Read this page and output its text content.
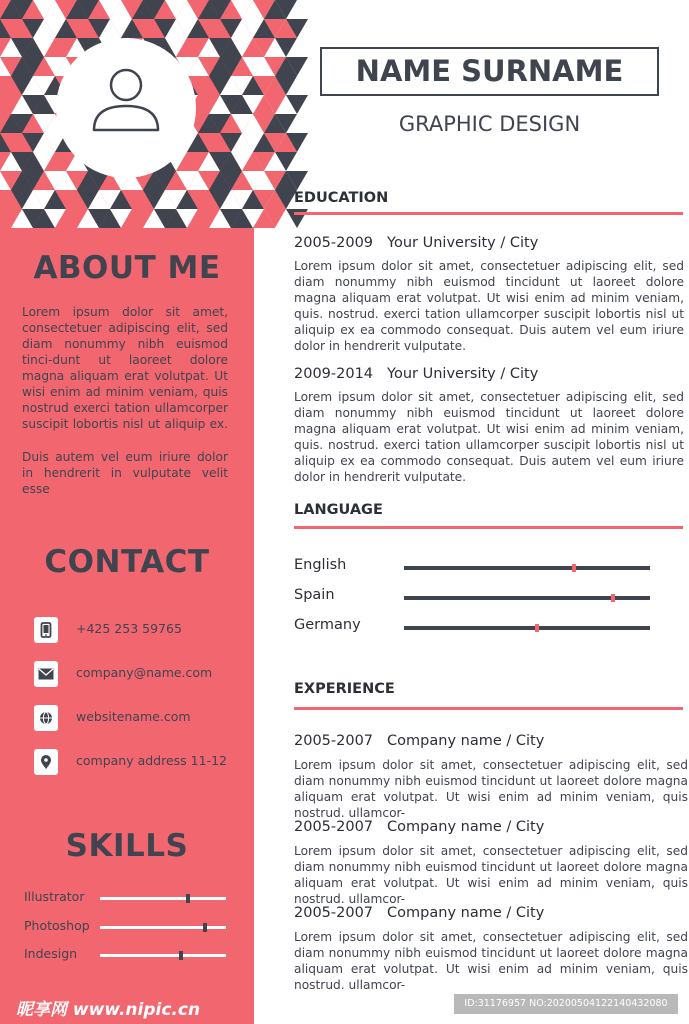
ABOUT ME

Lorem ipsum dolor sit amet, consectetuer adipiscing elit, sed diam nonummy nibh euismod tinci-dunt ut laoreet dolore magna aliquam erat volutpat. Ut wisi enim ad minim veniam, quis nostrud exerci tation ullamcorper suscipit lobortis nisl ut aliquip ex.

Duis autem vel eum iriure dolor in hendrerit in vulputate velit esse

CONTACT
+425 253 59765
company@name.com
websitename.com
company address 11-12
SKILLS
Illustrator
Photoshop
Indesign
昵享网 www.nipic.cn
NAME SURNAME
GRAPHIC DESIGN
EDUCATION
2005-2009 Your University / City

Lorem ipsum dolor sit amet, consectetuer adipiscing elit, sed diam nonummy nibh euismod tincidunt ut laoreet dolore magna aliquam erat volutpat. Ut wisi enim ad minim veniam, quis. nostrud. exerci tation ullamcorper suscipit lobortis nisl ut aliquip ex ea commodo consequat. Duis autem vel eum iriure dolor in hendrerit vulputate.

2009-2014 Your University / City

Lorem ipsum dolor sit amet, consectetuer adipiscing elit, sed diam nonummy nibh euismod tincidunt ut laoreet dolore magna aliquam erat volutpat. Ut wisi enim ad minim veniam, quis. nostrud. exerci tation ullamcorper suscipit lobortis nisl ut aliquip ex ea commodo consequat. Duis autem vel eum iriure dolor in hendrerit vulputate.

LANGUAGE
English
Spain
Germany
EXPERIENCE
2005-2007 Company name / City

Lorem ipsum dolor sit amet, consectetuer adipiscing elit, sed diam nonummy nibh euismod tincidunt ut laoreet dolore magna aliquam erat volutpat. Ut wisi enim ad minim veniam, quis nostrud. ullamcor-

2005-2007 Company name / City

Lorem ipsum dolor sit amet, consectetuer adipiscing elit, sed diam nonummy nibh euismod tincidunt ut laoreet dolore magna aliquam erat volutpat. Ut wisi enim ad minim veniam, quis nostrud. ullamcor-

2005-2007 Company name / City

Lorem ipsum dolor sit amet, consectetuer adipiscing elit, sed diam nonummy nibh euismod tincidunt ut laoreet dolore magna aliquam erat volutpat. Ut wisi enim ad minim veniam, quis nostrud. ullamcor-

ID:31176957 NO:20200504122140432080
